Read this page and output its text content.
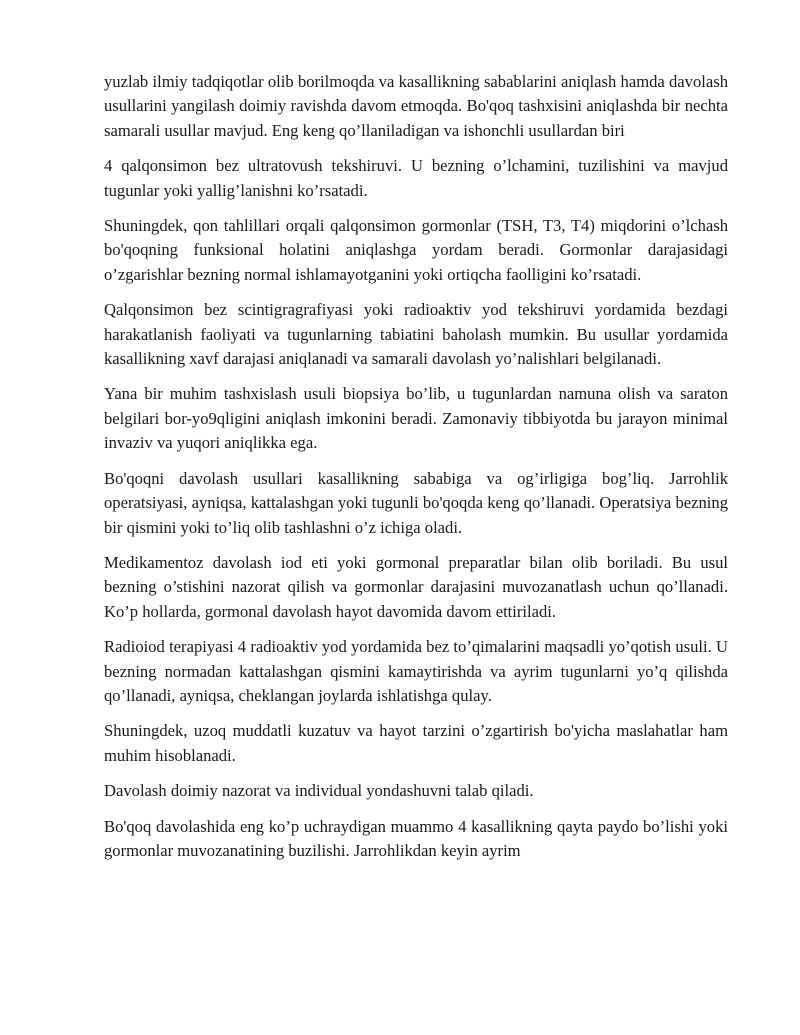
yuzlab ilmiy tadqiqotlar olib borilmoqda va kasallikning sabablarini aniqlash hamda davolash usullarini yangilash doimiy ravishda davom etmoqda. Bo'qoq tashxisini aniqlashda bir nechta samarali usullar mavjud. Eng keng qo’llaniladigan va ishonchli usullardan biri

4 qalqonsimon bez ultratovush tekshiruvi. U bezning o’lchamini, tuzilishini va mavjud tugunlar yoki yallig’lanishni ko’rsatadi.

Shuningdek, qon tahlillari orqali qalqonsimon gormonlar (TSH, T3, T4) miqdorini o’lchash bo'qoqning funksional holatini aniqlashga yordam beradi. Gormonlar darajasidagi o’zgarishlar bezning normal ishlamayotganini yoki ortiqcha faolligini ko’rsatadi.

Qalqonsimon bez scintigragrafiyasi yoki radioaktiv yod tekshiruvi yordamida bezdagi harakatlanish faoliyati va tugunlarning tabiatini baholash mumkin. Bu usullar yordamida kasallikning xavf darajasi aniqlanadi va samarali davolash yo’nalishlari belgilanadi.

Yana bir muhim tashxislash usuli biopsiya bo’lib, u tugunlardan namuna olish va saraton belgilari bor-yo9qligini aniqlash imkonini beradi. Zamonaviy tibbiyotda bu jarayon minimal invaziv va yuqori aniqlikka ega.

Bo'qoqni davolash usullari kasallikning sababiga va og’irligiga bog’liq. Jarrohlik operatsiyasi, ayniqsa, kattalashgan yoki tugunli bo'qoqda keng qo’llanadi. Operatsiya bezning bir qismini yoki to’liq olib tashlashni o’z ichiga oladi.

Medikamentoz davolash iod eti yoki gormonal preparatlar bilan olib boriladi. Bu usul bezning o’stishini nazorat qilish va gormonlar darajasini muvozanatlash uchun qo’llanadi. Ko’p hollarda, gormonal davolash hayot davomida davom ettiriladi.

Radioiod terapiyasi 4 radioaktiv yod yordamida bez to’qimalarini maqsadli yo’qotish usuli. U bezning normadan kattalashgan qismini kamaytirishda va ayrim tugunlarni yo’q qilishda qo’llanadi, ayniqsa, cheklangan joylarda ishlatishga qulay.

Shuningdek, uzoq muddatli kuzatuv va hayot tarzini o’zgartirish bo'yicha maslahatlar ham muhim hisoblanadi.

Davolash doimiy nazorat va individual yondashuvni talab qiladi.

Bo'qoq davolashida eng ko’p uchraydigan muammo 4 kasallikning qayta paydo bo’lishi yoki gormonlar muvozanatining buzilishi. Jarrohlikdan keyin ayrim
